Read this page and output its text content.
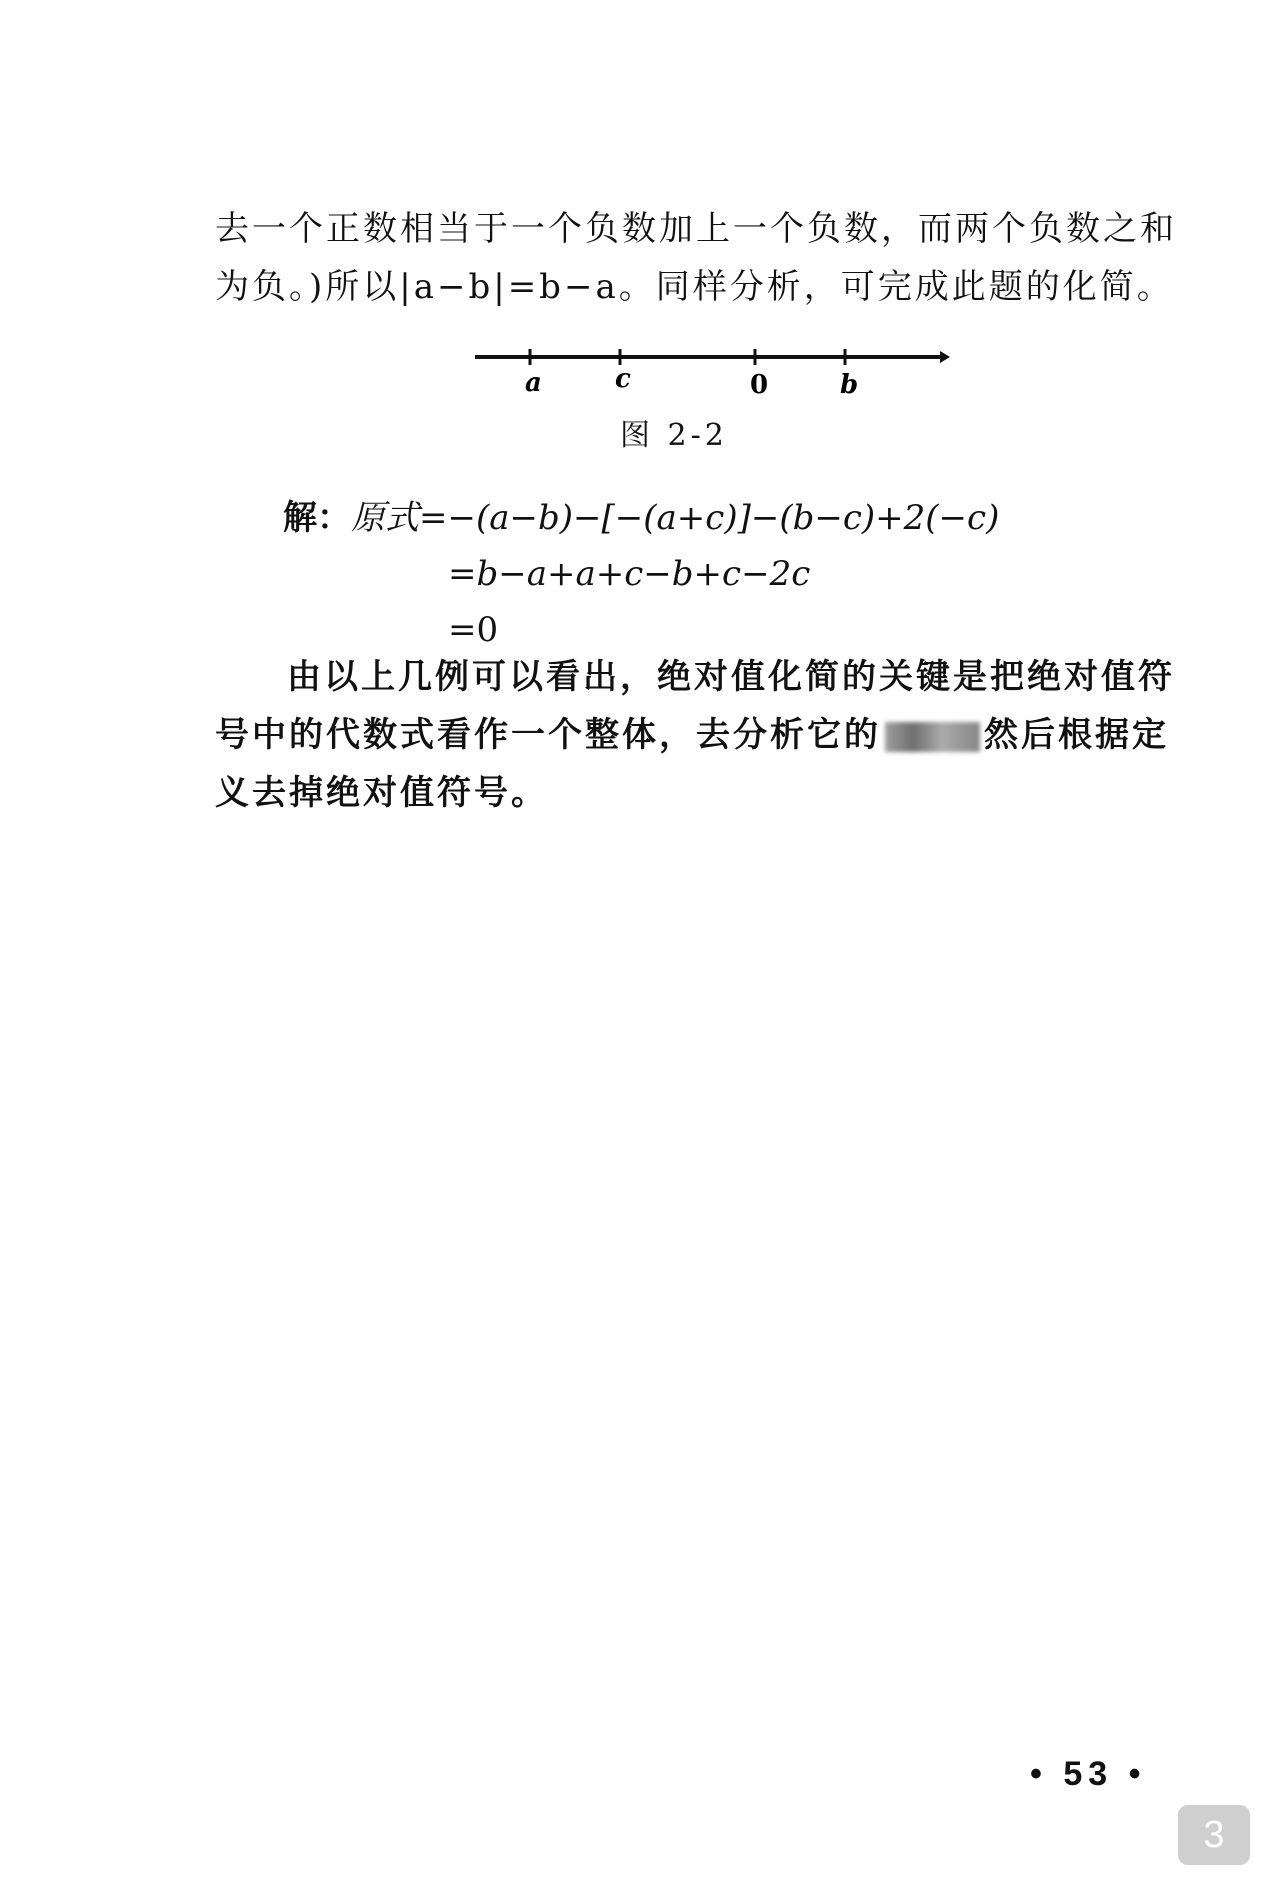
去一个正数相当于一个负数加上一个负数，而两个负数之和
为负。)所以|a−b|=b−a。同样分析，可完成此题的化简。
a	c	0	b
图 2-2
解：原式=−(a−b)−[−(a+c)]−(b−c)+2(−c)
=b−a+a+c−b+c−2c
=0
由以上几例可以看出，绝对值化简的关键是把绝对值符
号中的代数式看作一个整体，去分析它的	然后根据定
义去掉绝对值符号。
• 53 •
3
